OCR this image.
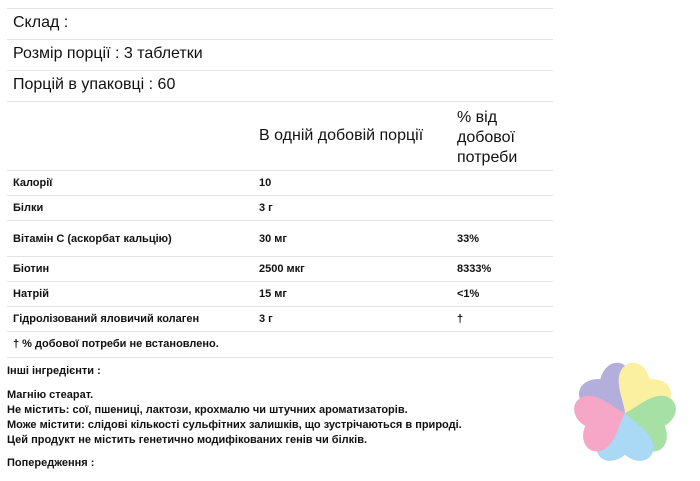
Склад :
Розмір порції : 3 таблетки
Порцій в упаковці : 60
	В одній добовій порції	% від
добової
потреби

Калорії	10	
Білки	3 г	
Вітамін С (аскорбат кальцію)	30 мг	33%
Біотин	2500 мкг	8333%
Натрій	15 мг	<1%
Гідролізований яловичий колаген	3 г	†
† % добової потреби не встановлено.
Інші інгредієнти :
Магнію стеарат.
Не містить: сої, пшениці, лактози, крохмалю чи штучних ароматизаторів.
Може містити: слідові кількості сульфітних залишків, що зустрічаються в природі.
Цей продукт не містить генетично модифікованих генів чи білків.
Попередження :
